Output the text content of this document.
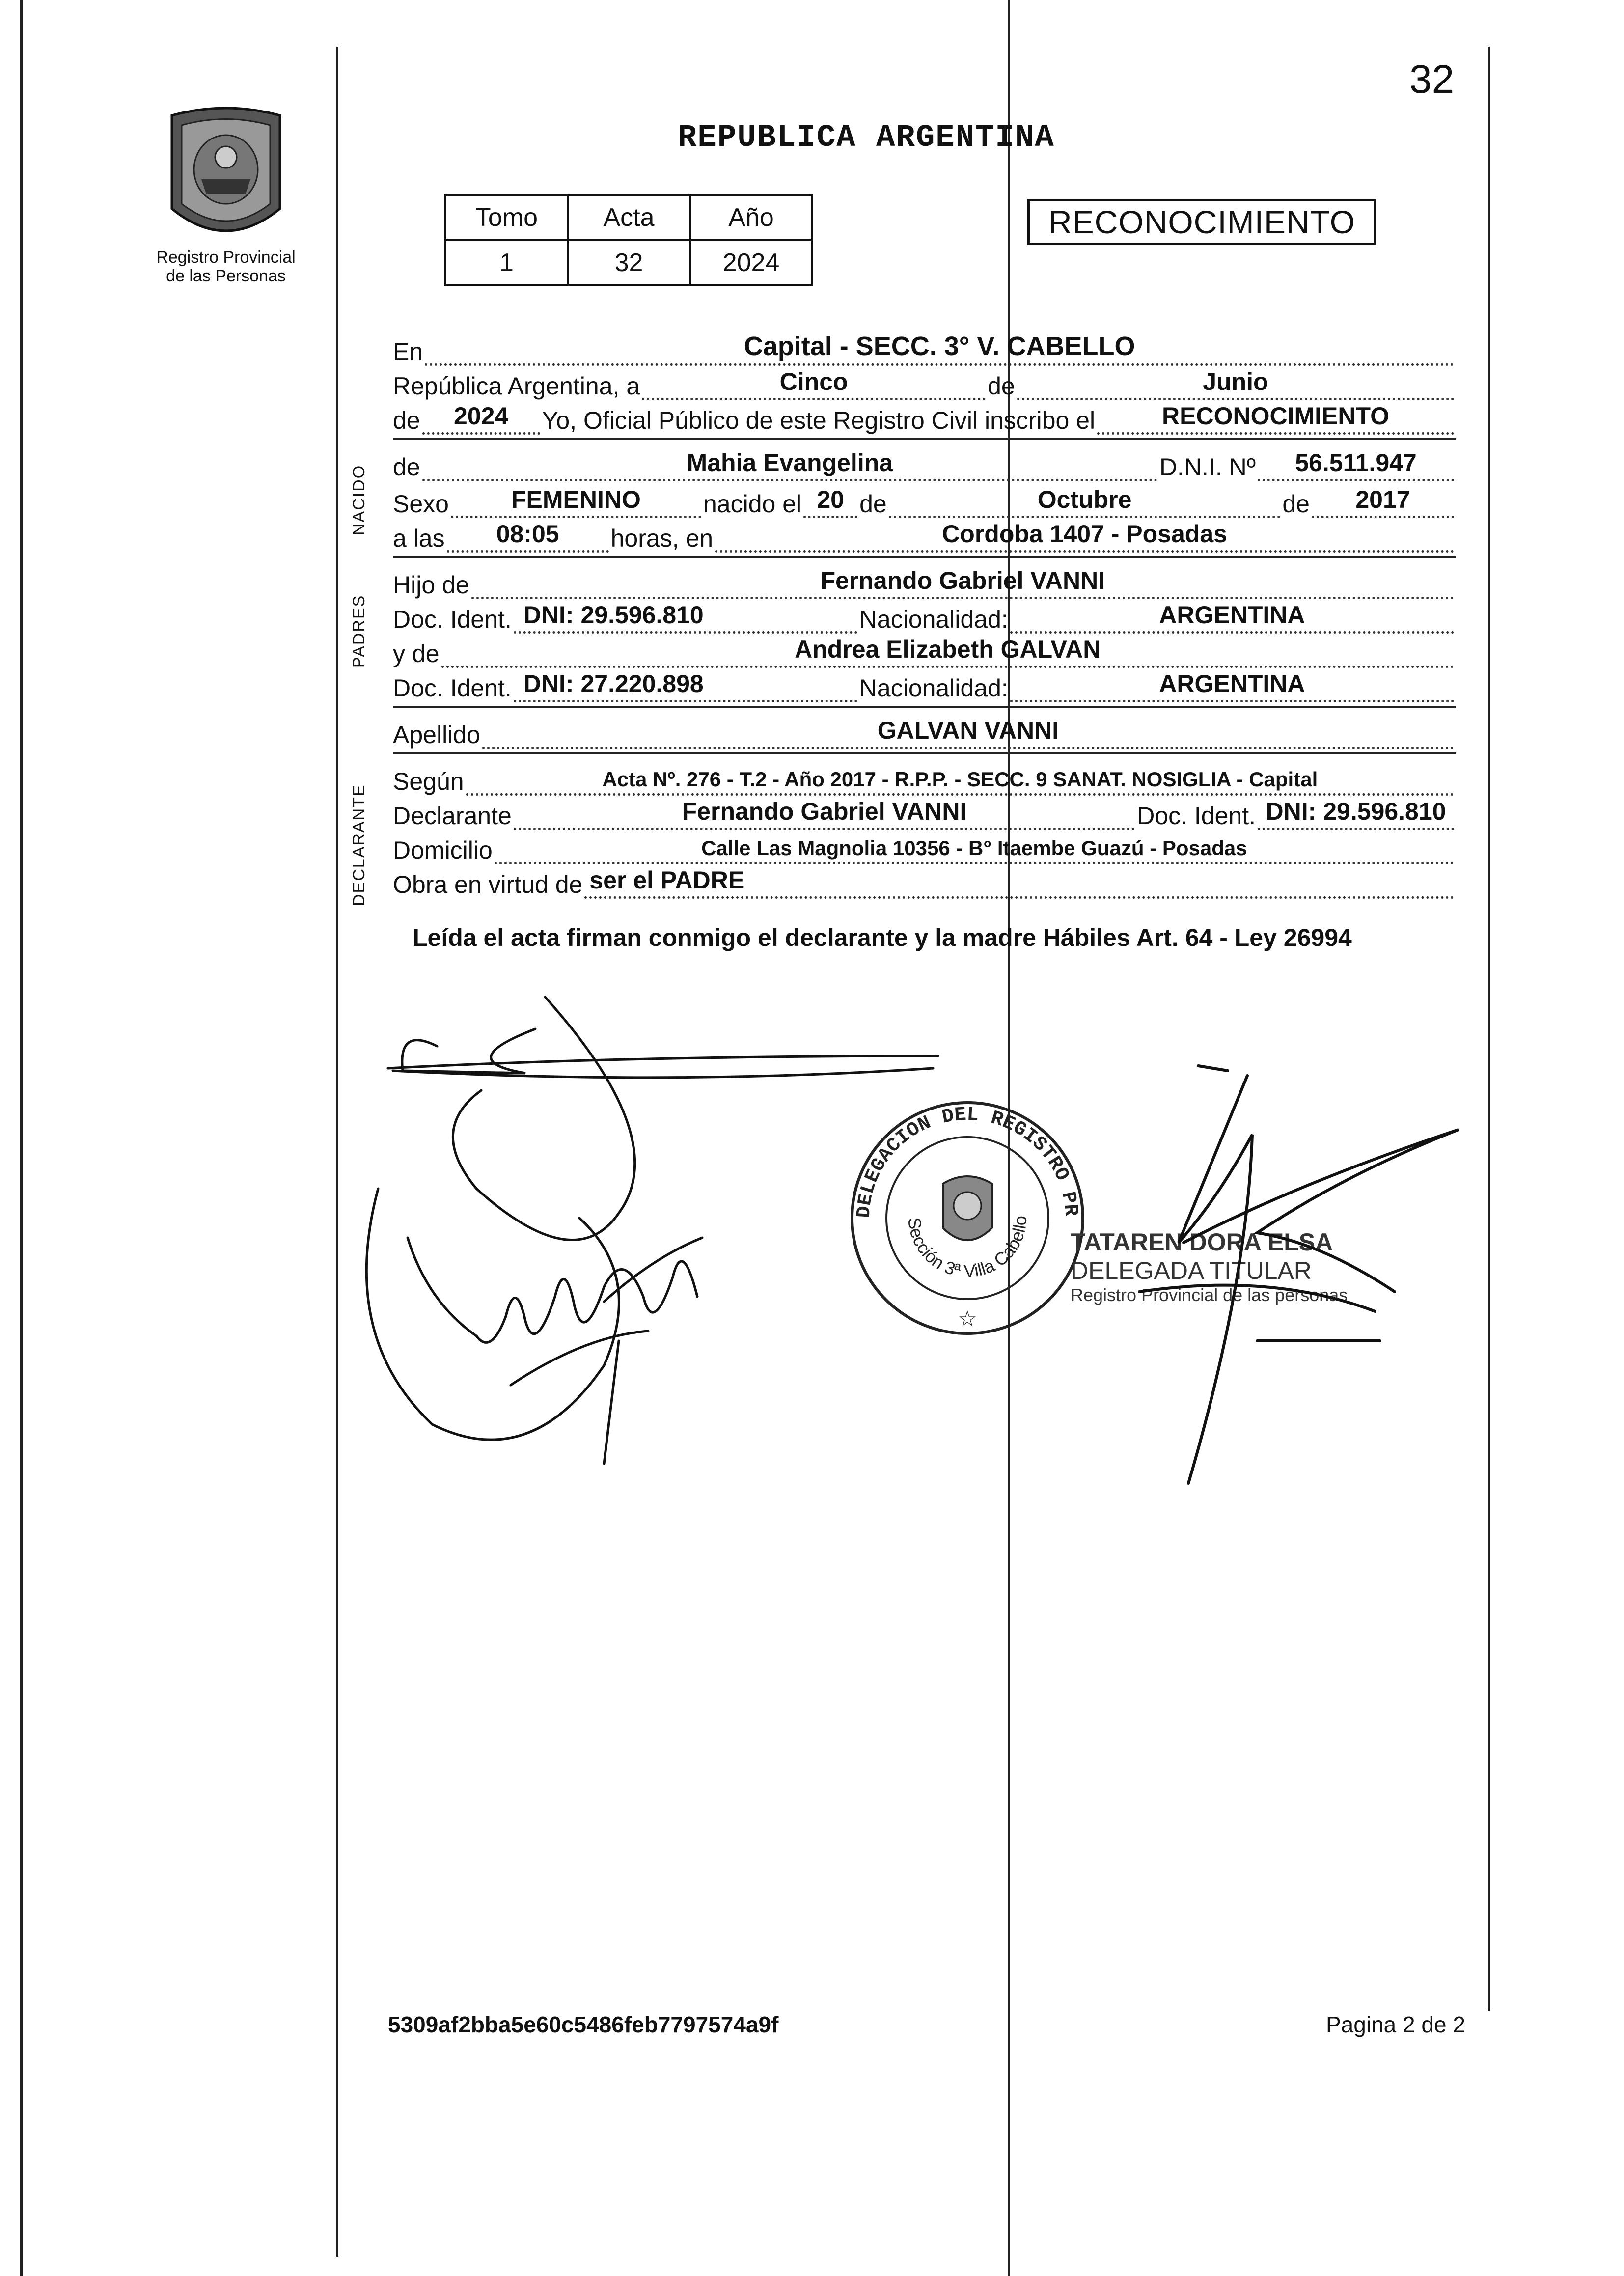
32
Registro Provincial
de las Personas
REPUBLICA ARGENTINA
Tomo	Acta	Año
1	32	2024
RECONOCIMIENTO
NACIDO
PADRES
DECLARANTE
En	Capital - SECC. 3° V. CABELLO
República Argentina, a	Cinco	de	Junio
de	2024	Yo, Oficial Público de este Registro Civil inscribo el	RECONOCIMIENTO
de	Mahia Evangelina	D.N.I. Nº	56.511.947
Sexo	FEMENINO	nacido el 20 de	Octubre	de	2017
a las	08:05	horas, en	Cordoba 1407 - Posadas
Hijo de	Fernando Gabriel VANNI
Doc. Ident. DNI: 29.596.810	Nacionalidad:	ARGENTINA
y de	Andrea Elizabeth GALVAN
Doc. Ident. DNI: 27.220.898	Nacionalidad:	ARGENTINA
Apellido	GALVAN VANNI
Según	Acta Nº. 276 - T.2 - Año 2017 - R.P.P. - SECC. 9 SANAT. NOSIGLIA - Capital
Declarante	Fernando Gabriel VANNI	Doc. Ident. DNI: 29.596.810
Domicilio	Calle Las Magnolia 10356 - B° Itaembe Guazú - Posadas
Obra en virtud de ser el PADRE
Leída el acta firman conmigo el declarante y la madre Hábiles Art. 64 - Ley 26994
DELEGACION DEL REGISTRO PR
Sección 3ª Villa Cabello
☆
TATAREN DORA ELSA
DELEGADA TITULAR
Registro Provincial de las personas
5309af2bba5e60c5486feb7797574a9f	Pagina 2 de 2
